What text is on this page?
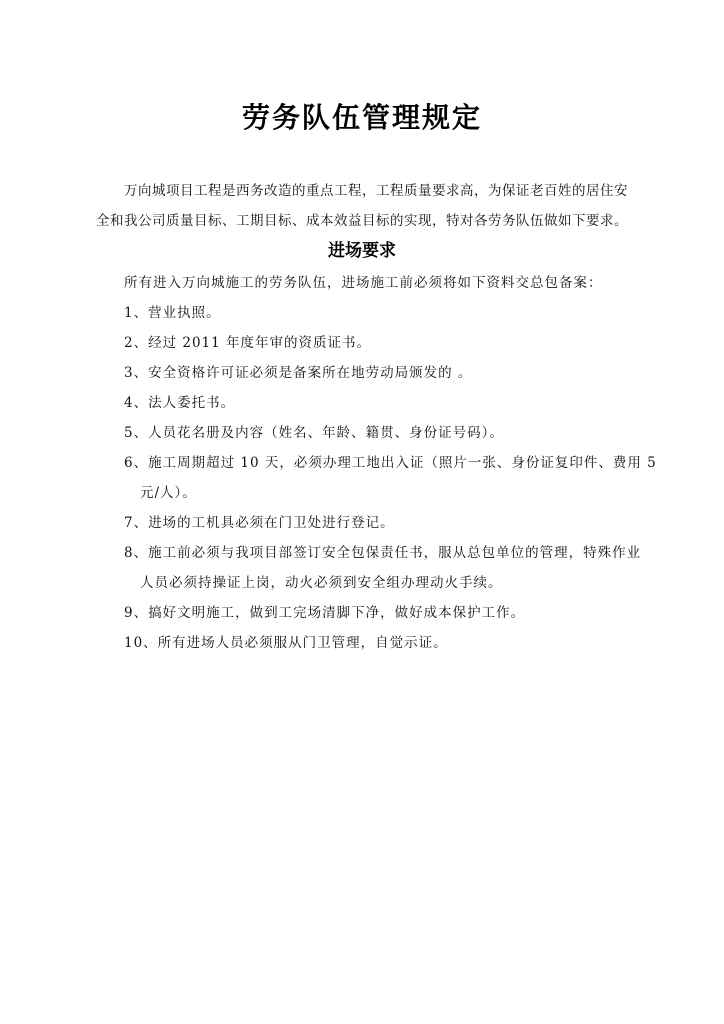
劳务队伍管理规定
万向城项目工程是西务改造的重点工程，工程质量要求高，为保证老百姓的居住安
全和我公司质量目标、工期目标、成本效益目标的实现，特对各劳务队伍做如下要求。
进场要求
所有进入万向城施工的劳务队伍，进场施工前必须将如下资料交总包备案：
1、营业执照。
2、经过 2011 年度年审的资质证书。
3、安全资格许可证必须是备案所在地劳动局颁发的 。
4、法人委托书。
5、人员花名册及内容（姓名、年龄、籍贯、身份证号码）。
6、施工周期超过 10 天，必须办理工地出入证（照片一张、身份证复印件、费用 5
元/人）。
7、进场的工机具必须在门卫处进行登记。
8、施工前必须与我项目部签订安全包保责任书，服从总包单位的管理，特殊作业
人员必须持操证上岗，动火必须到安全组办理动火手续。
9、搞好文明施工，做到工完场清脚下净，做好成本保护工作。
10、所有进场人员必须服从门卫管理，自觉示证。
